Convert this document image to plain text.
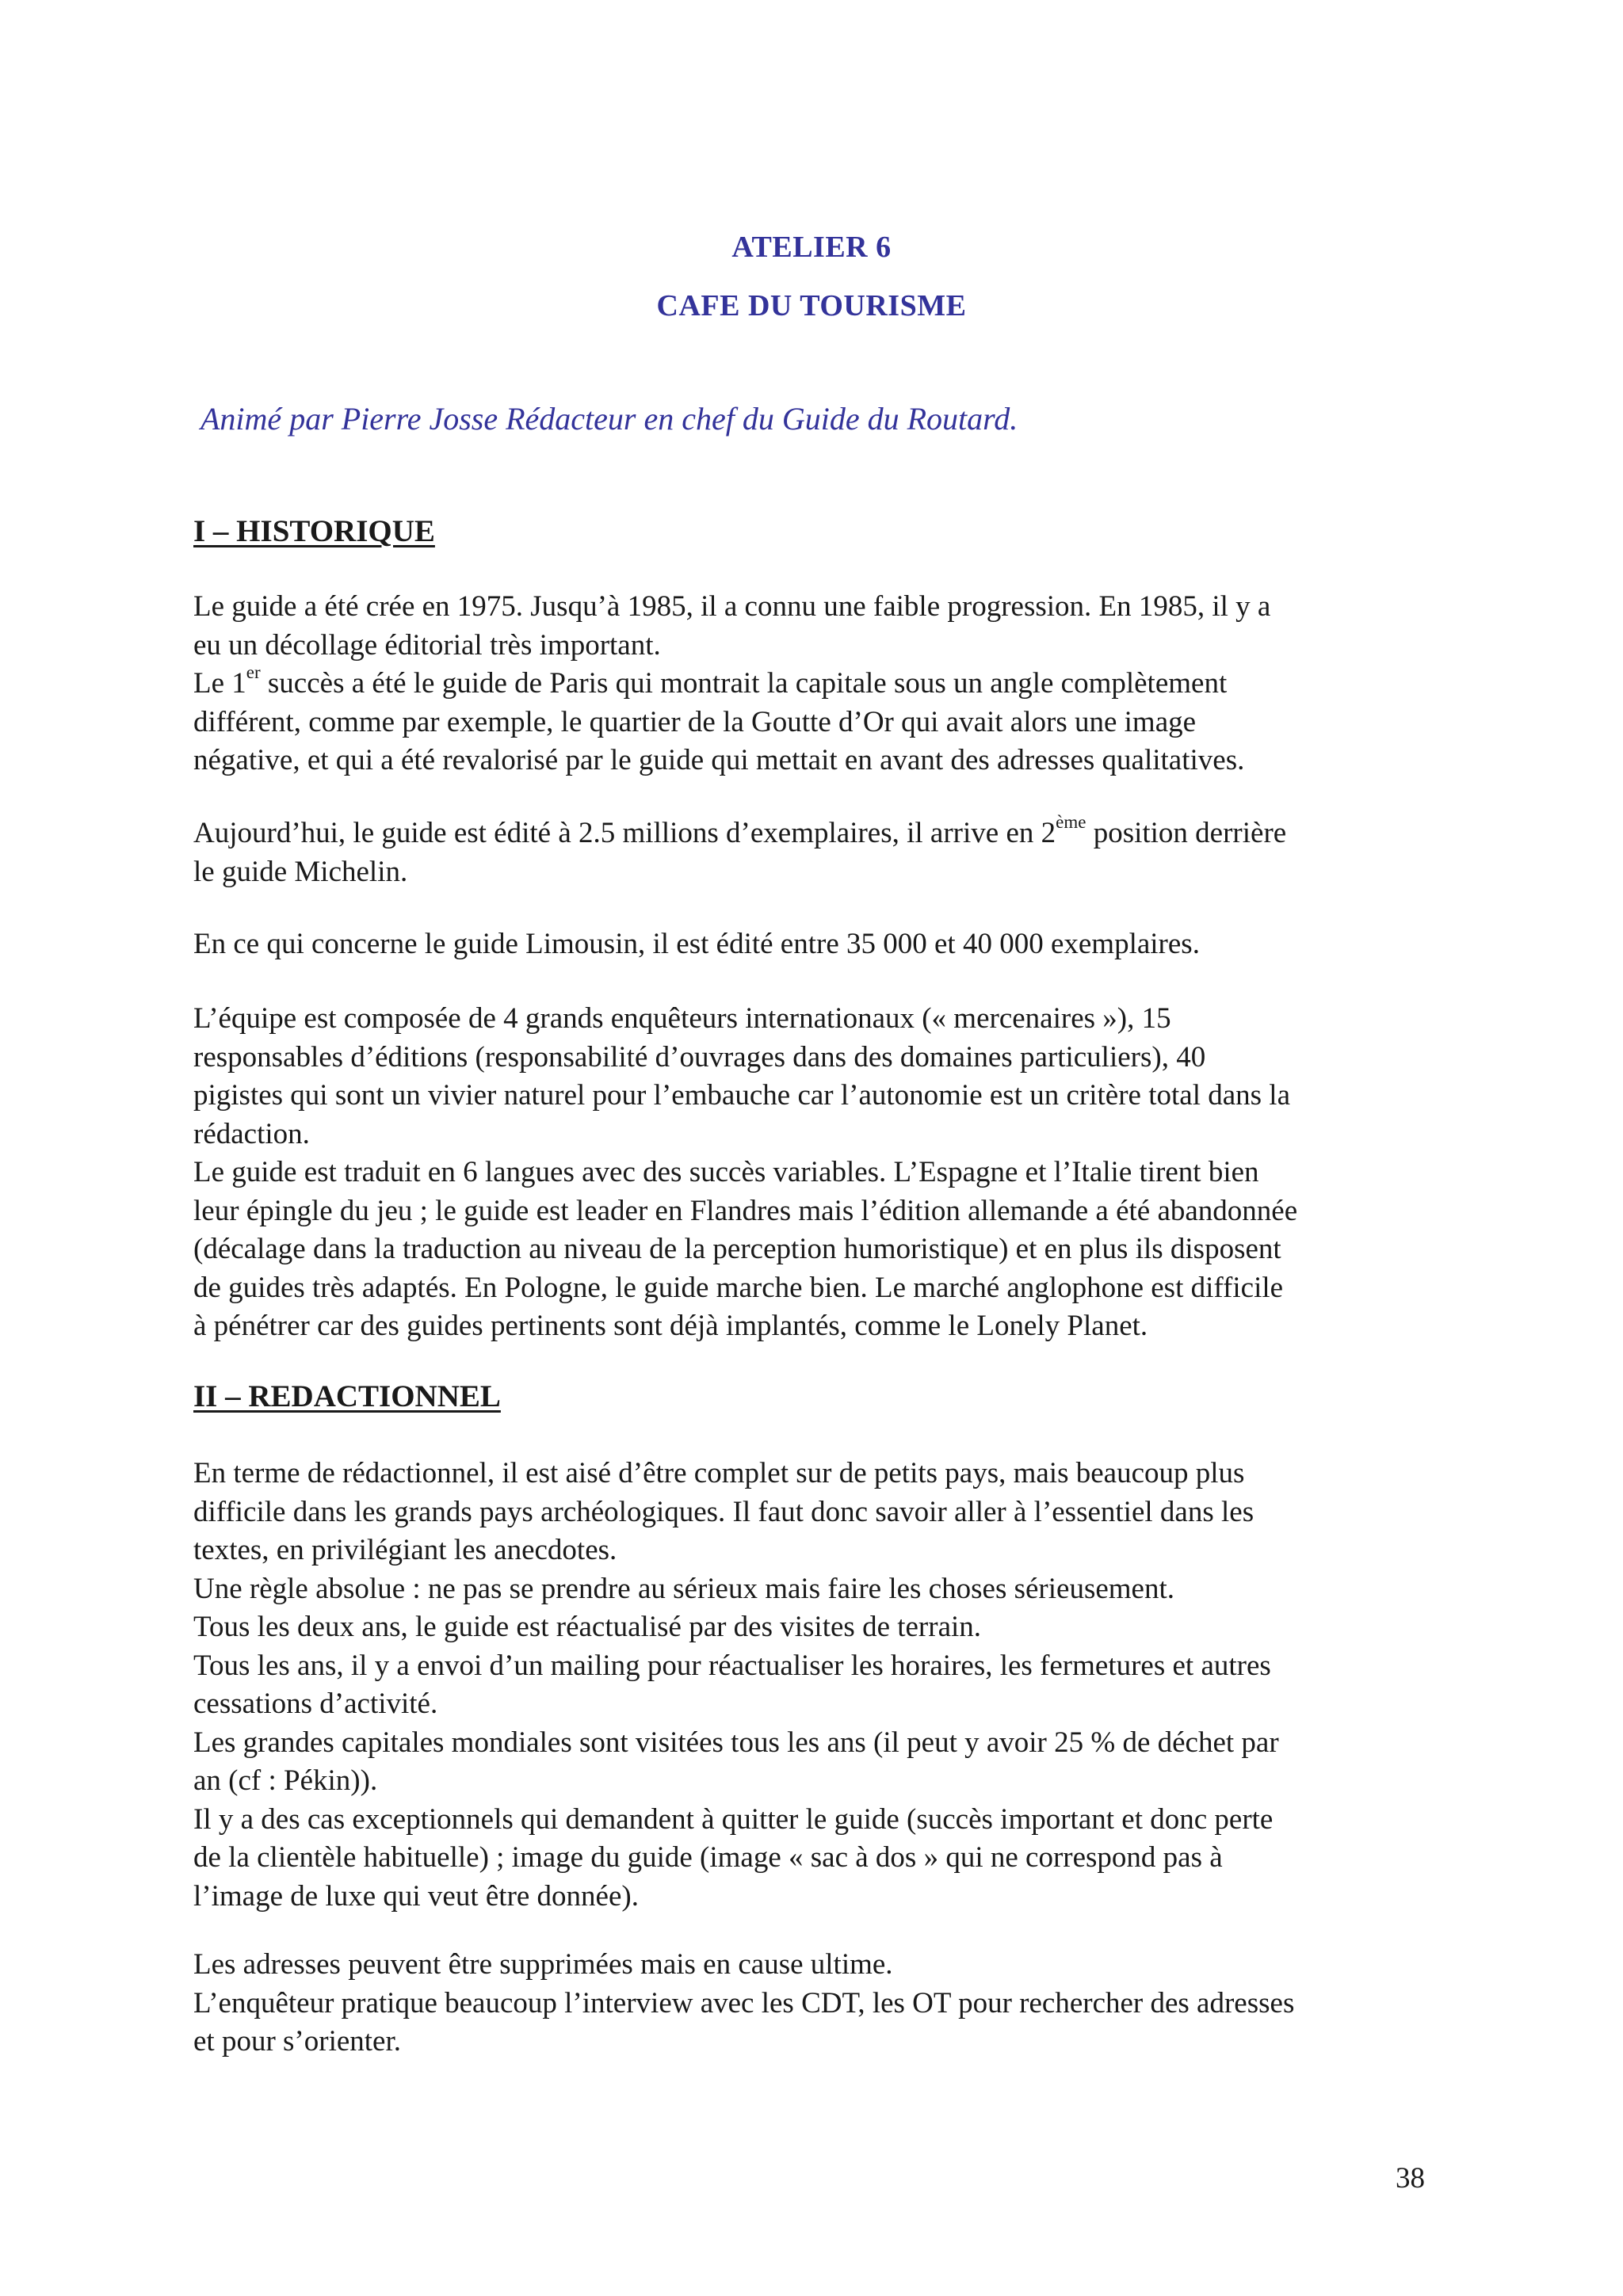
ATELIER 6
CAFE DU TOURISME
Animé par Pierre Josse Rédacteur en chef du Guide du Routard.
I – HISTORIQUE

Le guide a été crée en 1975. Jusqu’à 1985, il a connu une faible progression. En 1985, il y a
eu un décollage éditorial très important.
Le 1er succès a été le guide de Paris qui montrait la capitale sous un angle complètement
différent, comme par exemple, le quartier de la Goutte d’Or qui avait alors une image
négative, et qui a été revalorisé par le guide qui mettait en avant des adresses qualitatives.

Aujourd’hui, le guide est édité à 2.5 millions d’exemplaires, il arrive en 2ème position derrière
le guide Michelin.

En ce qui concerne le guide Limousin, il est édité entre 35 000 et 40 000 exemplaires.

L’équipe est composée de 4 grands enquêteurs internationaux (« mercenaires »), 15
responsables d’éditions (responsabilité d’ouvrages dans des domaines particuliers), 40
pigistes qui sont un vivier naturel pour l’embauche car l’autonomie est un critère total dans la
rédaction.
Le guide est traduit en 6 langues avec des succès variables. L’Espagne et l’Italie tirent bien
leur épingle du jeu ; le guide est leader en Flandres mais l’édition allemande a été abandonnée
(décalage dans la traduction au niveau de la perception humoristique) et en plus ils disposent
de guides très adaptés. En Pologne, le guide marche bien. Le marché anglophone est difficile
à pénétrer car des guides pertinents sont déjà implantés, comme le Lonely Planet.

II – REDACTIONNEL

En terme de rédactionnel, il est aisé d’être complet sur de petits pays, mais beaucoup plus
difficile dans les grands pays archéologiques. Il faut donc savoir aller à l’essentiel dans les
textes, en privilégiant les anecdotes.
Une règle absolue : ne pas se prendre au sérieux mais faire les choses sérieusement.
Tous les deux ans, le guide est réactualisé par des visites de terrain.
Tous les ans, il y a envoi d’un mailing pour réactualiser les horaires, les fermetures et autres
cessations d’activité.
Les grandes capitales mondiales sont visitées tous les ans (il peut y avoir 25 % de déchet par
an (cf : Pékin)).
Il y a des cas exceptionnels qui demandent à quitter le guide (succès important et donc perte
de la clientèle habituelle) ; image du guide (image « sac à dos » qui ne correspond pas à
l’image de luxe qui veut être donnée).

Les adresses peuvent être supprimées mais en cause ultime.
L’enquêteur pratique beaucoup l’interview avec les CDT, les OT pour rechercher des adresses
et pour s’orienter.

38
